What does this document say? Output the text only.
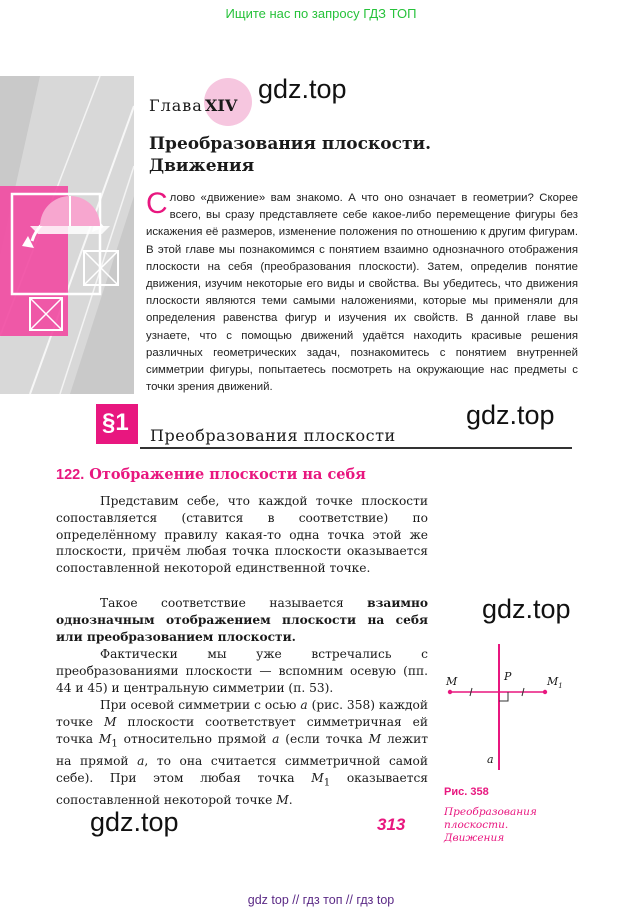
Ищите нас по запросу ГДЗ ТОП
gdz.top
Глава XIV
Преобразования плоскости.
Движения
Слово «движение» вам знакомо. А что оно означает в геометрии? Скорее всего, вы сразу представляете себе какое-либо перемещение фигуры без искажения её размеров, изменение положения по отношению к другим фигурам. В этой главе мы познакомимся с понятием взаимно однозначного отображения плоскости на себя (преобразования плоскости). Затем, определив понятие движения, изучим некоторые его виды и свойства. Вы убедитесь, что движения плоскости являются теми самыми наложениями, которые мы применяли для определения равенства фигур и изучения их свойств. В данной главе вы узнаете, что с помощью движений удаётся находить красивые решения различных геометрических задач, познакомитесь с понятием внутренней симметрии фигуры, попытаетесь посмотреть на окружающие нас предметы с точки зрения движений.
§1 Преобразования плоскости
gdz.top
122. Отображение плоскости на себя
Представим себе, что каждой точке плоскости сопоставляется (ставится в соответствие) по определённому правилу какая-то одна точка этой же плоскости, причём любая точка плоскости оказывается сопоставленной некоторой единственной точке.
Такое соответствие называется взаимно однозначным отображением плоскости на себя или преобразованием плоскости.
Фактически мы уже встречались с преобразованиями плоскости — вспомним осевую (пп. 44 и 45) и центральную симметрии (п. 53).
При осевой симметрии с осью a (рис. 358) каждой точке M плоскости соответствует симметричная ей точка $M_1$ относительно прямой a (если точка M лежит на прямой a, то она считается симметричной самой себе). При этом любая точка $M_1$ оказывается сопоставленной некоторой точке M.
gdz.top
gdz.top
M	P	$M_1$
a
Рис. 358
313
Преобразования
плоскости.
Движения
gdz top // гдз топ // гдз top
